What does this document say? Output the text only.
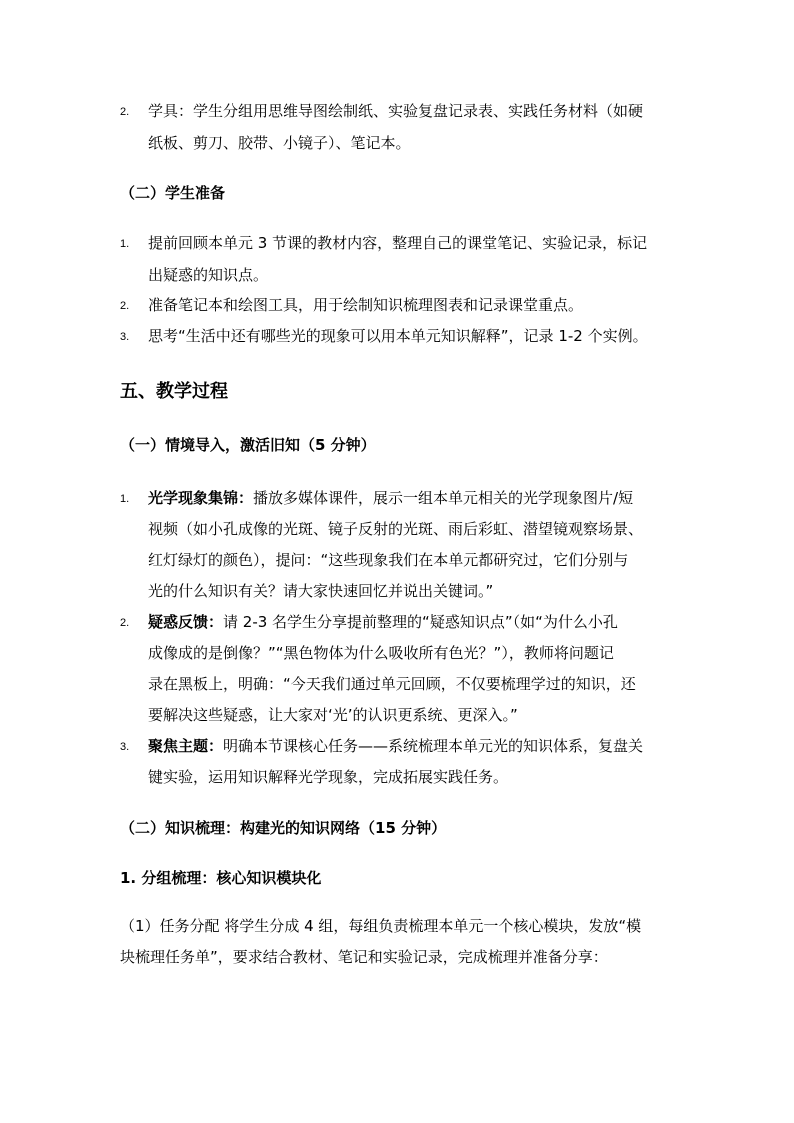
2. 学具：学生分组用思维导图绘制纸、实验复盘记录表、实践任务材料（如硬
纸板、剪刀、胶带、小镜子）、笔记本。
（二）学生准备
1. 提前回顾本单元 3 节课的教材内容，整理自己的课堂笔记、实验记录，标记
出疑惑的知识点。
2. 准备笔记本和绘图工具，用于绘制知识梳理图表和记录课堂重点。
3. 思考“生活中还有哪些光的现象可以用本单元知识解释”，记录 1-2 个实例。
五、教学过程
（一）情境导入，激活旧知（5 分钟）
1. 光学现象集锦：播放多媒体课件，展示一组本单元相关的光学现象图片/短
视频（如小孔成像的光斑、镜子反射的光斑、雨后彩虹、潜望镜观察场景、
红灯绿灯的颜色），提问：“这些现象我们在本单元都研究过，它们分别与
光的什么知识有关？请大家快速回忆并说出关键词。”
2. 疑惑反馈：请 2-3 名学生分享提前整理的“疑惑知识点”（如“为什么小孔
成像成的是倒像？”“黑色物体为什么吸收所有色光？”），教师将问题记
录在黑板上，明确：“今天我们通过单元回顾，不仅要梳理学过的知识，还
要解决这些疑惑，让大家对‘光’的认识更系统、更深入。”
3. 聚焦主题：明确本节课核心任务——系统梳理本单元光的知识体系，复盘关
键实验，运用知识解释光学现象，完成拓展实践任务。
（二）知识梳理：构建光的知识网络（15 分钟）
1. 分组梳理：核心知识模块化
（1）任务分配 将学生分成 4 组，每组负责梳理本单元一个核心模块，发放“模
块梳理任务单”，要求结合教材、笔记和实验记录，完成梳理并准备分享：
